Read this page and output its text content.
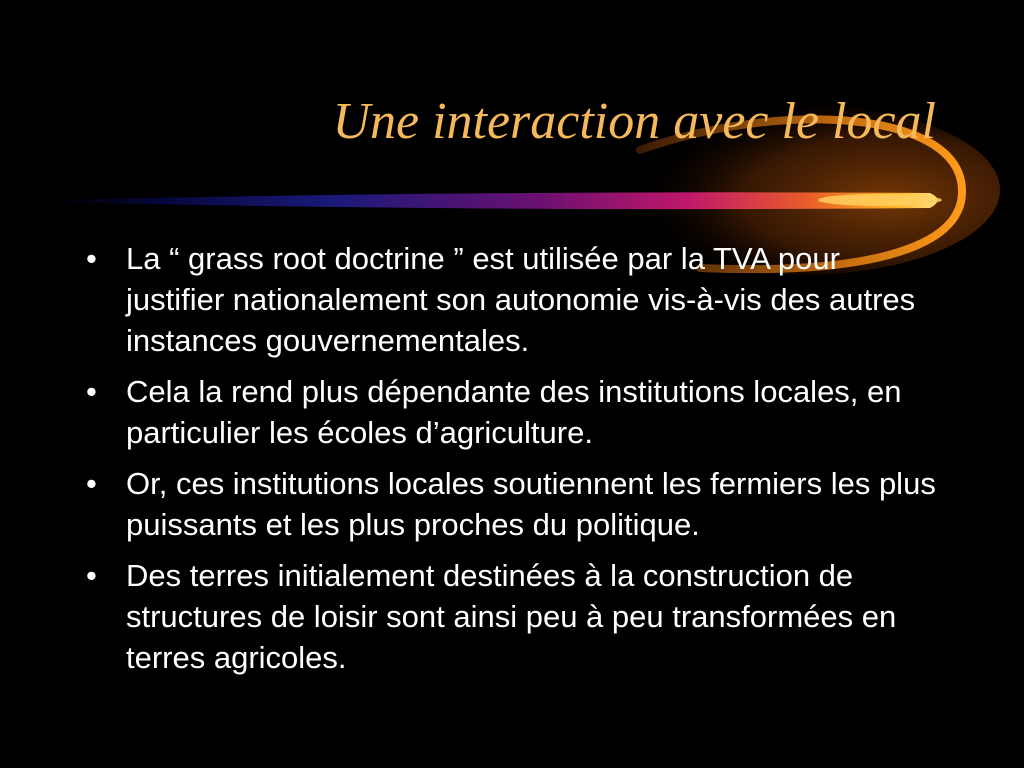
Une interaction avec le local
• La “ grass root doctrine ” est utilisée par la TVA pour justifier nationalement son autonomie vis-à-vis des autres instances gouvernementales.
• Cela la rend plus dépendante des institutions locales, en particulier les écoles d’agriculture.
• Or, ces institutions locales soutiennent les fermiers les plus puissants et les plus proches du politique.
• Des terres initialement destinées à la construction de structures de loisir sont ainsi peu à peu transformées en terres agricoles.
